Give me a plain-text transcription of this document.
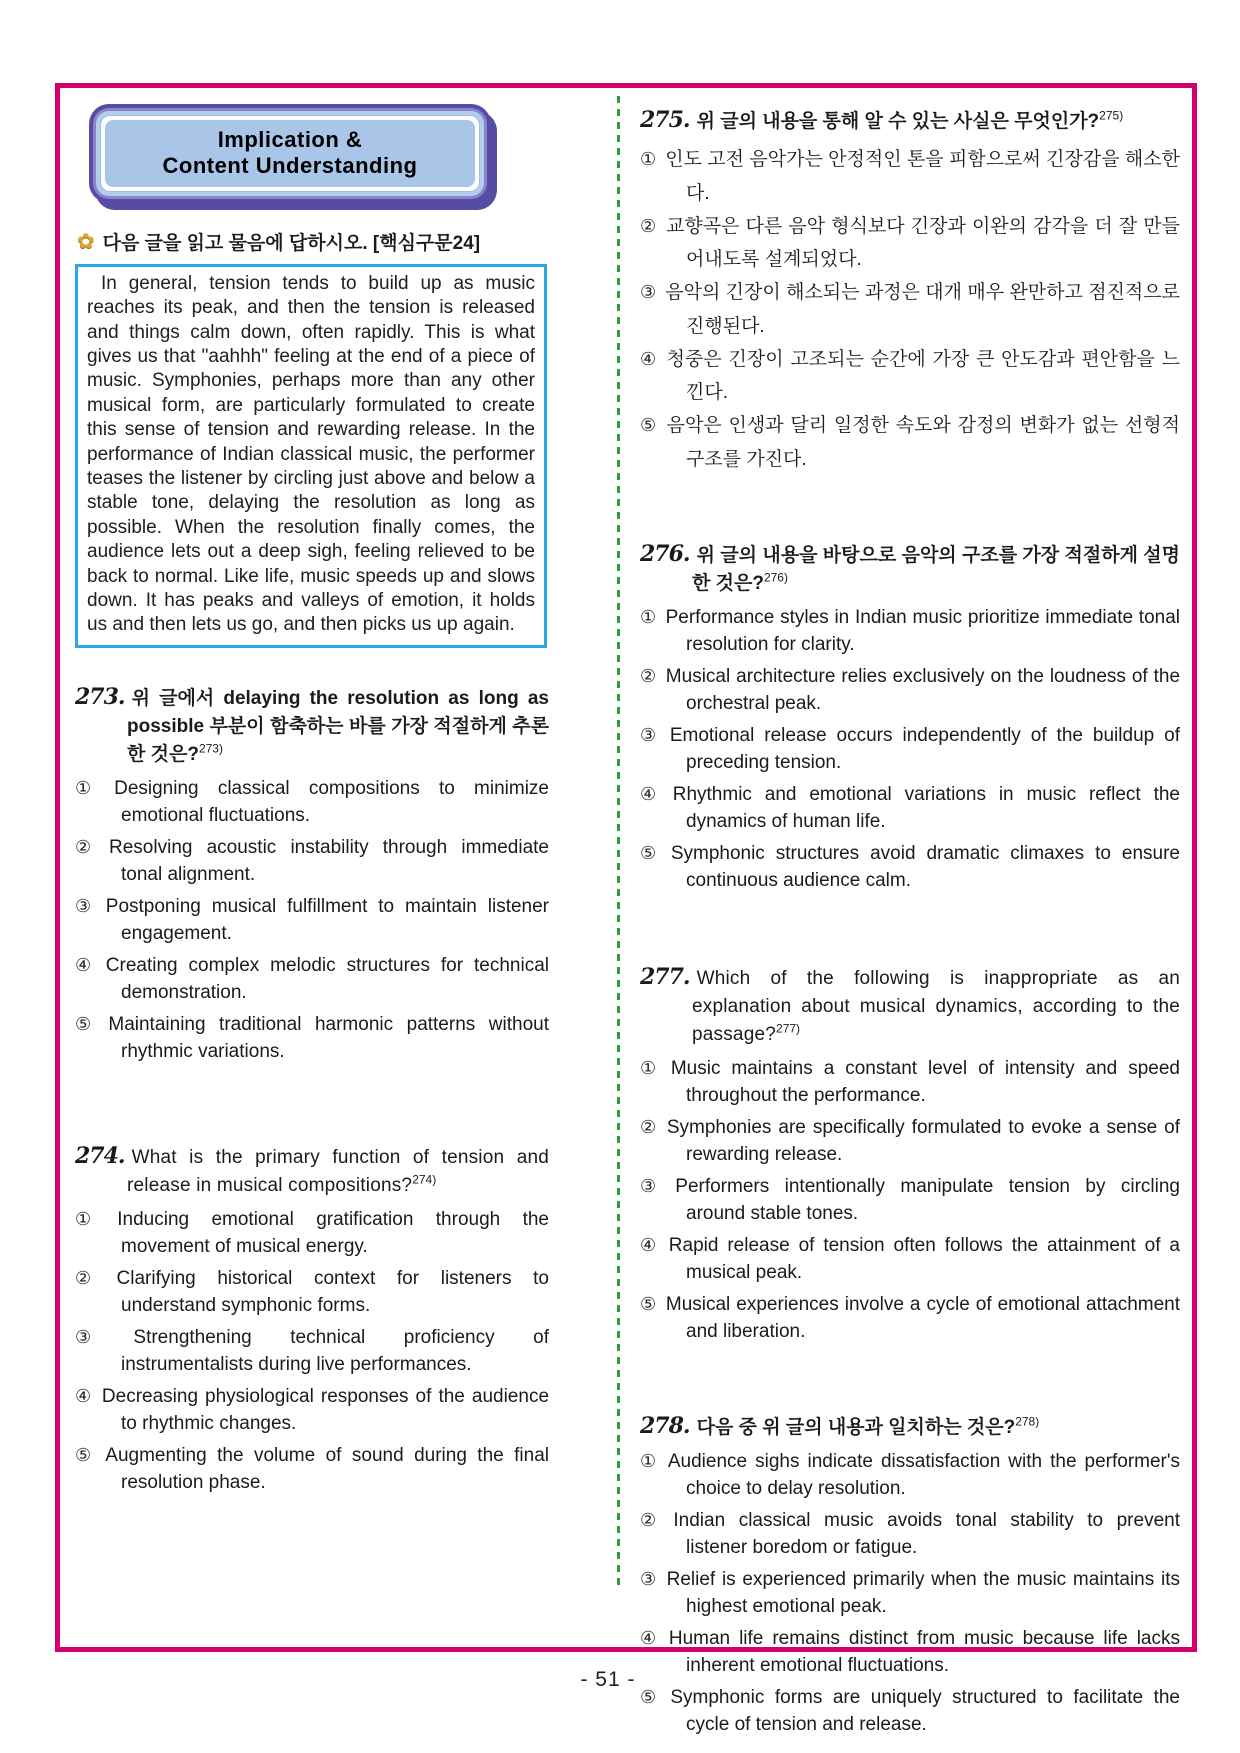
Implication &
Content Understanding
✿ 다음 글을 읽고 물음에 답하시오. [핵심구문24]

In general, tension tends to build up as music reaches its peak, and then the tension is released and things calm down, often rapidly. This is what gives us that "aahhh" feeling at the end of a piece of music. Symphonies, perhaps more than any other musical form, are particularly formulated to create this sense of tension and rewarding release. In the performance of Indian classical music, the performer teases the listener by circling just above and below a stable tone, delaying the resolution as long as possible. When the resolution finally comes, the audience lets out a deep sigh, feeling relieved to be back to normal. Like life, music speeds up and slows down. It has peaks and valleys of emotion, it holds us and then lets us go, and then picks us up again.

273. 위 글에서 delaying the resolution as long as possible 부분이 함축하는 바를 가장 적절하게 추론한 것은?$^{273)}$

① Designing classical compositions to minimize emotional fluctuations.

② Resolving acoustic instability through immediate tonal alignment.

③ Postponing musical fulfillment to maintain listener engagement.

④ Creating complex melodic structures for technical demonstration.

⑤ Maintaining traditional harmonic patterns without rhythmic variations.

274. What is the primary function of tension and release in musical compositions?$^{274)}$

① Inducing emotional gratification through the movement of musical energy.

② Clarifying historical context for listeners to understand symphonic forms.

③ Strengthening technical proficiency of instrumentalists during live performances.

④ Decreasing physiological responses of the audience to rhythmic changes.

⑤ Augmenting the volume of sound during the final resolution phase.

275. 위 글의 내용을 통해 알 수 있는 사실은 무엇인가?$^{275)}$

① 인도 고전 음악가는 안정적인 톤을 피함으로써 긴장감을 해소한다.

② 교향곡은 다른 음악 형식보다 긴장과 이완의 감각을 더 잘 만들어내도록 설계되었다.

③ 음악의 긴장이 해소되는 과정은 대개 매우 완만하고 점진적으로 진행된다.

④ 청중은 긴장이 고조되는 순간에 가장 큰 안도감과 편안함을 느낀다.

⑤ 음악은 인생과 달리 일정한 속도와 감정의 변화가 없는 선형적 구조를 가진다.

276. 위 글의 내용을 바탕으로 음악의 구조를 가장 적절하게 설명한 것은?$^{276)}$

① Performance styles in Indian music prioritize immediate tonal resolution for clarity.

② Musical architecture relies exclusively on the loudness of the orchestral peak.

③ Emotional release occurs independently of the buildup of preceding tension.

④ Rhythmic and emotional variations in music reflect the dynamics of human life.

⑤ Symphonic structures avoid dramatic climaxes to ensure continuous audience calm.

277. Which of the following is inappropriate as an explanation about musical dynamics, according to the passage?$^{277)}$

① Music maintains a constant level of intensity and speed throughout the performance.

② Symphonies are specifically formulated to evoke a sense of rewarding release.

③ Performers intentionally manipulate tension by circling around stable tones.

④ Rapid release of tension often follows the attainment of a musical peak.

⑤ Musical experiences involve a cycle of emotional attachment and liberation.

278. 다음 중 위 글의 내용과 일치하는 것은?$^{278)}$

① Audience sighs indicate dissatisfaction with the performer's choice to delay resolution.

② Indian classical music avoids tonal stability to prevent listener boredom or fatigue.

③ Relief is experienced primarily when the music maintains its highest emotional peak.

④ Human life remains distinct from music because life lacks inherent emotional fluctuations.

⑤ Symphonic forms are uniquely structured to facilitate the cycle of tension and release.

- 51 -
